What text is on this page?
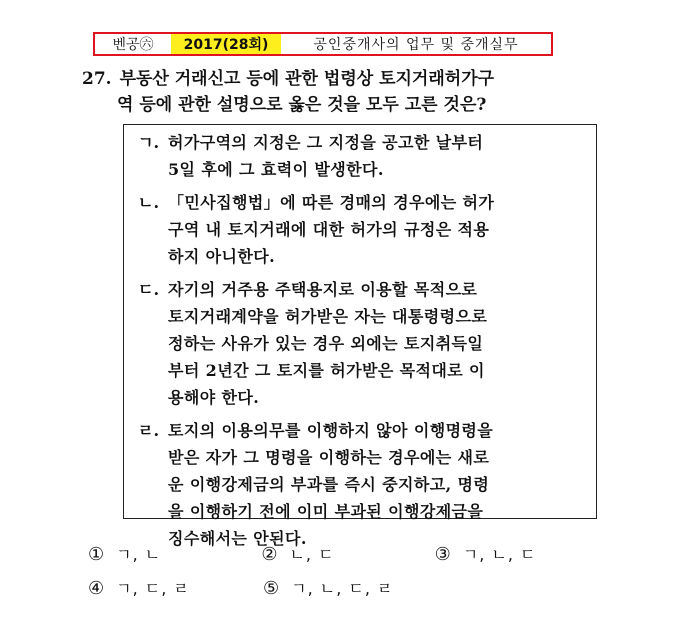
벤공㊅	2017(28회)	공인중개사의 업무 및 중개실무
27. 부동산 거래신고 등에 관한 법령상 토지거래허가구
역 등에 관한 설명으로 옳은 것을 모두 고른 것은?
ㄱ. 허가구역의 지정은 그 지정을 공고한 날부터
5일 후에 그 효력이 발생한다.
ㄴ. 「민사집행법」에 따른 경매의 경우에는 허가
구역 내 토지거래에 대한 허가의 규정은 적용
하지 아니한다.
ㄷ. 자기의 거주용 주택용지로 이용할 목적으로
토지거래계약을 허가받은 자는 대통령령으로
정하는 사유가 있는 경우 외에는 토지취득일
부터 2년간 그 토지를 허가받은 목적대로 이
용해야 한다.
ㄹ. 토지의 이용의무를 이행하지 않아 이행명령을
받은 자가 그 명령을 이행하는 경우에는 새로
운 이행강제금의 부과를 즉시 중지하고, 명령
을 이행하기 전에 이미 부과된 이행강제금을
징수해서는 안된다.
① ㄱ, ㄴ	② ㄴ, ㄷ	③ ㄱ, ㄴ, ㄷ
④ ㄱ, ㄷ, ㄹ	⑤ ㄱ, ㄴ, ㄷ, ㄹ
